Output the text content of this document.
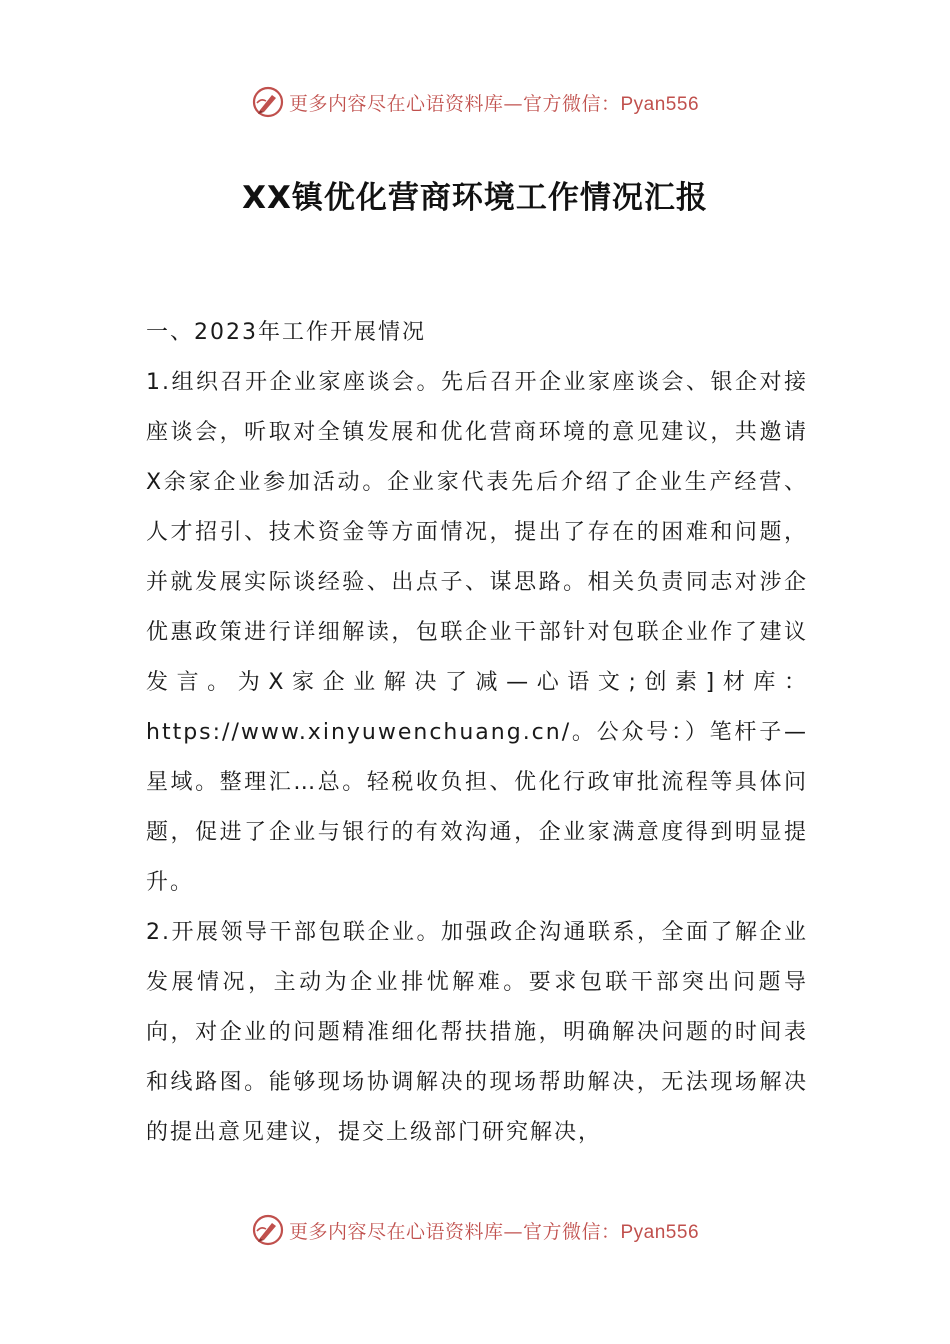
更多内容尽在心语资料库—官方微信：Pyan556
XX镇优化营商环境工作情况汇报

一、2023年工作开展情况

1.组织召开企业家座谈会。先后召开企业家座谈会、银企对接座谈会，听取对全镇发展和优化营商环境的意见建议，共邀请X余家企业参加活动。企业家代表先后介绍了企业生产经营、人才招引、技术资金等方面情况，提出了存在的困难和问题，并就发展实际谈经验、出点子、谋思路。相关负责同志对涉企优惠政策进行详细解读，包联企业干部针对包联企业作了建议发言。为X家企业解决了减—心语文;创素]材库：https://www.xinyuwenchuang.cn/。公众号：）笔杆子—星域。整理汇…总。轻税收负担、优化行政审批流程等具体问题，促进了企业与银行的有效沟通，企业家满意度得到明显提升。

2.开展领导干部包联企业。加强政企沟通联系，全面了解企业发展情况，主动为企业排忧解难。要求包联干部突出问题导向，对企业的问题精准细化帮扶措施，明确解决问题的时间表和线路图。能够现场协调解决的现场帮助解决，无法现场解决的提出意见建议，提交上级部门研究解决，

更多内容尽在心语资料库—官方微信：Pyan556
